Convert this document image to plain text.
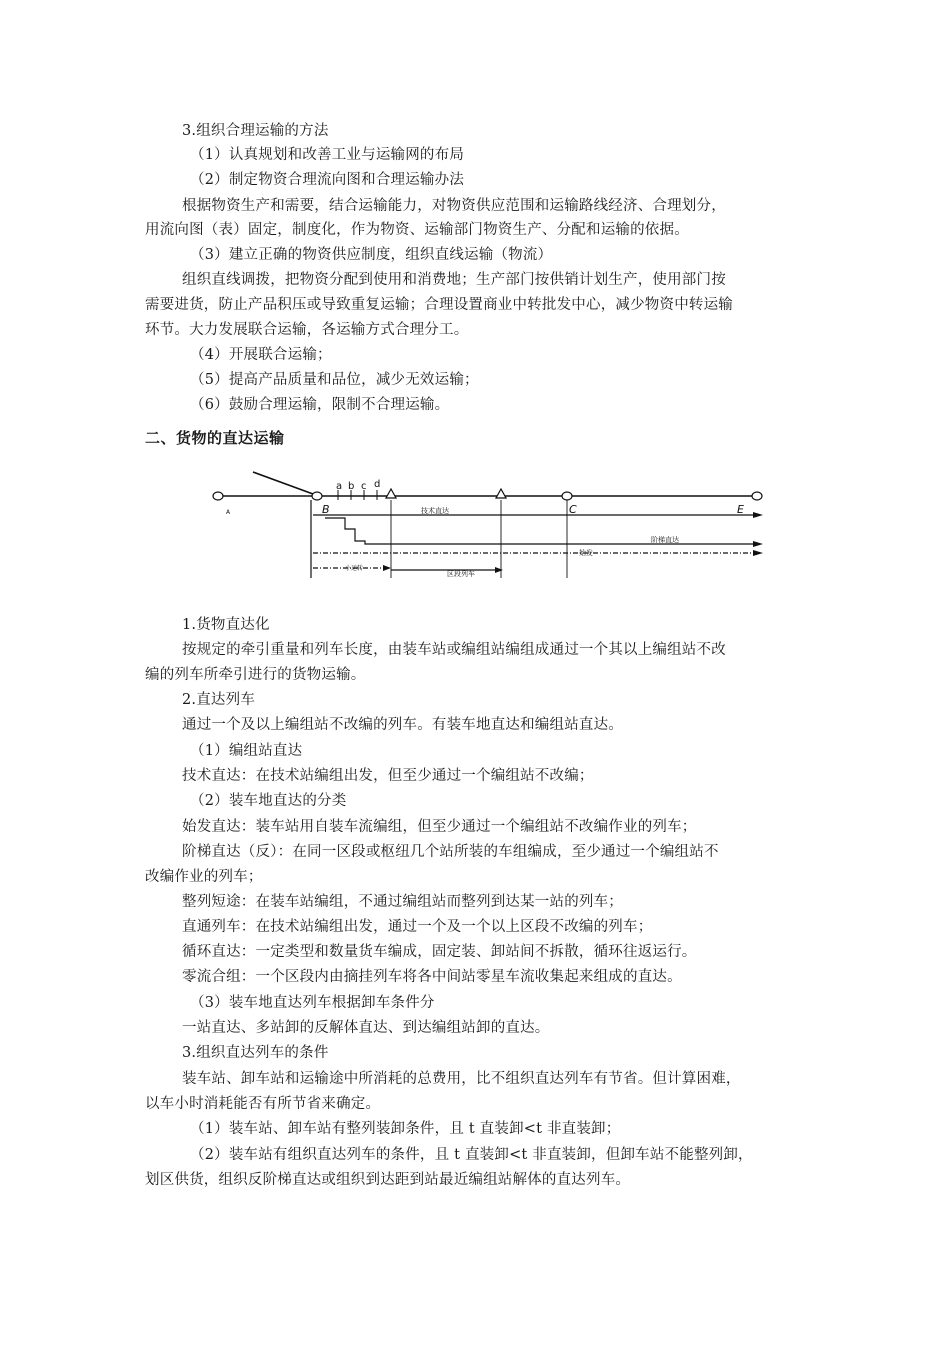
3.组织合理运输的方法
（1）认真规划和改善工业与运输网的布局
（2）制定物资合理流向图和合理运输办法
根据物资生产和需要，结合运输能力，对物资供应范围和运输路线经济、合理划分，
用流向图（表）固定，制度化，作为物资、运输部门物资生产、分配和运输的依据。
（3）建立正确的物资供应制度，组织直线运输（物流）
组织直线调拨，把物资分配到使用和消费地；生产部门按供销计划生产，使用部门按
需要进货，防止产品积压或导致重复运输；合理设置商业中转批发中心，减少物资中转运输
环节。大力发展联合运输，各运输方式合理分工。
（4）开展联合运输；
（5）提高产品质量和品位，减少无效运输；
（6）鼓励合理运输，限制不合理运输。
二、货物的直达运输
a b c d
A	B	C	E
技术直达
阶梯直达
始发
小运转
区段列车
1.货物直达化
按规定的牵引重量和列车长度，由装车站或编组站编组成通过一个其以上编组站不改
编的列车所牵引进行的货物运输。
2.直达列车
通过一个及以上编组站不改编的列车。有装车地直达和编组站直达。
（1）编组站直达
技术直达：在技术站编组出发，但至少通过一个编组站不改编；
（2）装车地直达的分类
始发直达：装车站用自装车流编组，但至少通过一个编组站不改编作业的列车；
阶梯直达（反）：在同一区段或枢纽几个站所装的车组编成，至少通过一个编组站不
改编作业的列车；
整列短途：在装车站编组，不通过编组站而整列到达某一站的列车；
直通列车：在技术站编组出发，通过一个及一个以上区段不改编的列车；
循环直达：一定类型和数量货车编成，固定装、卸站间不拆散，循环往返运行。
零流合组：一个区段内由摘挂列车将各中间站零星车流收集起来组成的直达。
（3）装车地直达列车根据卸车条件分
一站直达、多站卸的反解体直达、到达编组站卸的直达。
3.组织直达列车的条件
装车站、卸车站和运输途中所消耗的总费用，比不组织直达列车有节省。但计算困难，
以车小时消耗能否有所节省来确定。
（1）装车站、卸车站有整列装卸条件，且 t 直装卸<t 非直装卸；
（2）装车站有组织直达列车的条件，且 t 直装卸<t 非直装卸，但卸车站不能整列卸，
划区供货，组织反阶梯直达或组织到达距到站最近编组站解体的直达列车。
